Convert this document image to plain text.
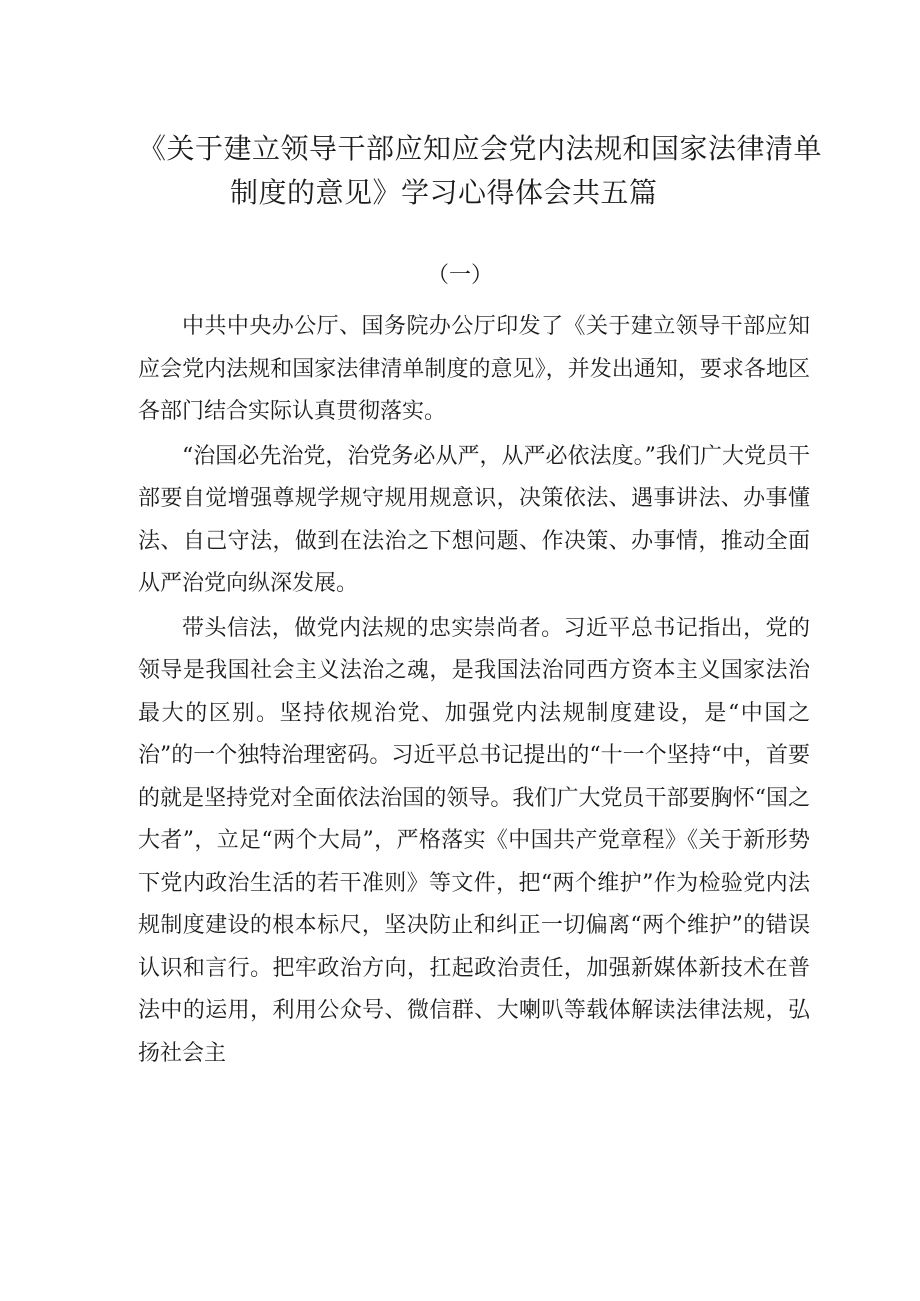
《关于建立领导干部应知应会党内法规和国家法律清单
制度的意见》学习心得体会共五篇
（一）

中共中央办公厅、国务院办公厅印发了《关于建立领导干部应知应会党内法规和国家法律清单制度的意见》，并发出通知，要求各地区各部门结合实际认真贯彻落实。

“治国必先治党，治党务必从严，从严必依法度。”我们广大党员干部要自觉增强尊规学规守规用规意识，决策依法、遇事讲法、办事懂法、自己守法，做到在法治之下想问题、作决策、办事情，推动全面从严治党向纵深发展。

带头信法，做党内法规的忠实崇尚者。习近平总书记指出，党的领导是我国社会主义法治之魂，是我国法治同西方资本主义国家法治最大的区别。坚持依规治党、加强党内法规制度建设，是“中国之治”的一个独特治理密码。习近平总书记提出的“十一个坚持“中，首要的就是坚持党对全面依法治国的领导。我们广大党员干部要胸怀“国之大者”，立足“两个大局”，严格落实《中国共产党章程》《关于新形势下党内政治生活的若干准则》等文件，把“两个维护”作为检验党内法规制度建设的根本标尺，坚决防止和纠正一切偏离“两个维护”的错误认识和言行。把牢政治方向，扛起政治责任，加强新媒体新技术在普法中的运用，利用公众号、微信群、大喇叭等载体解读法律法规，弘扬社会主
